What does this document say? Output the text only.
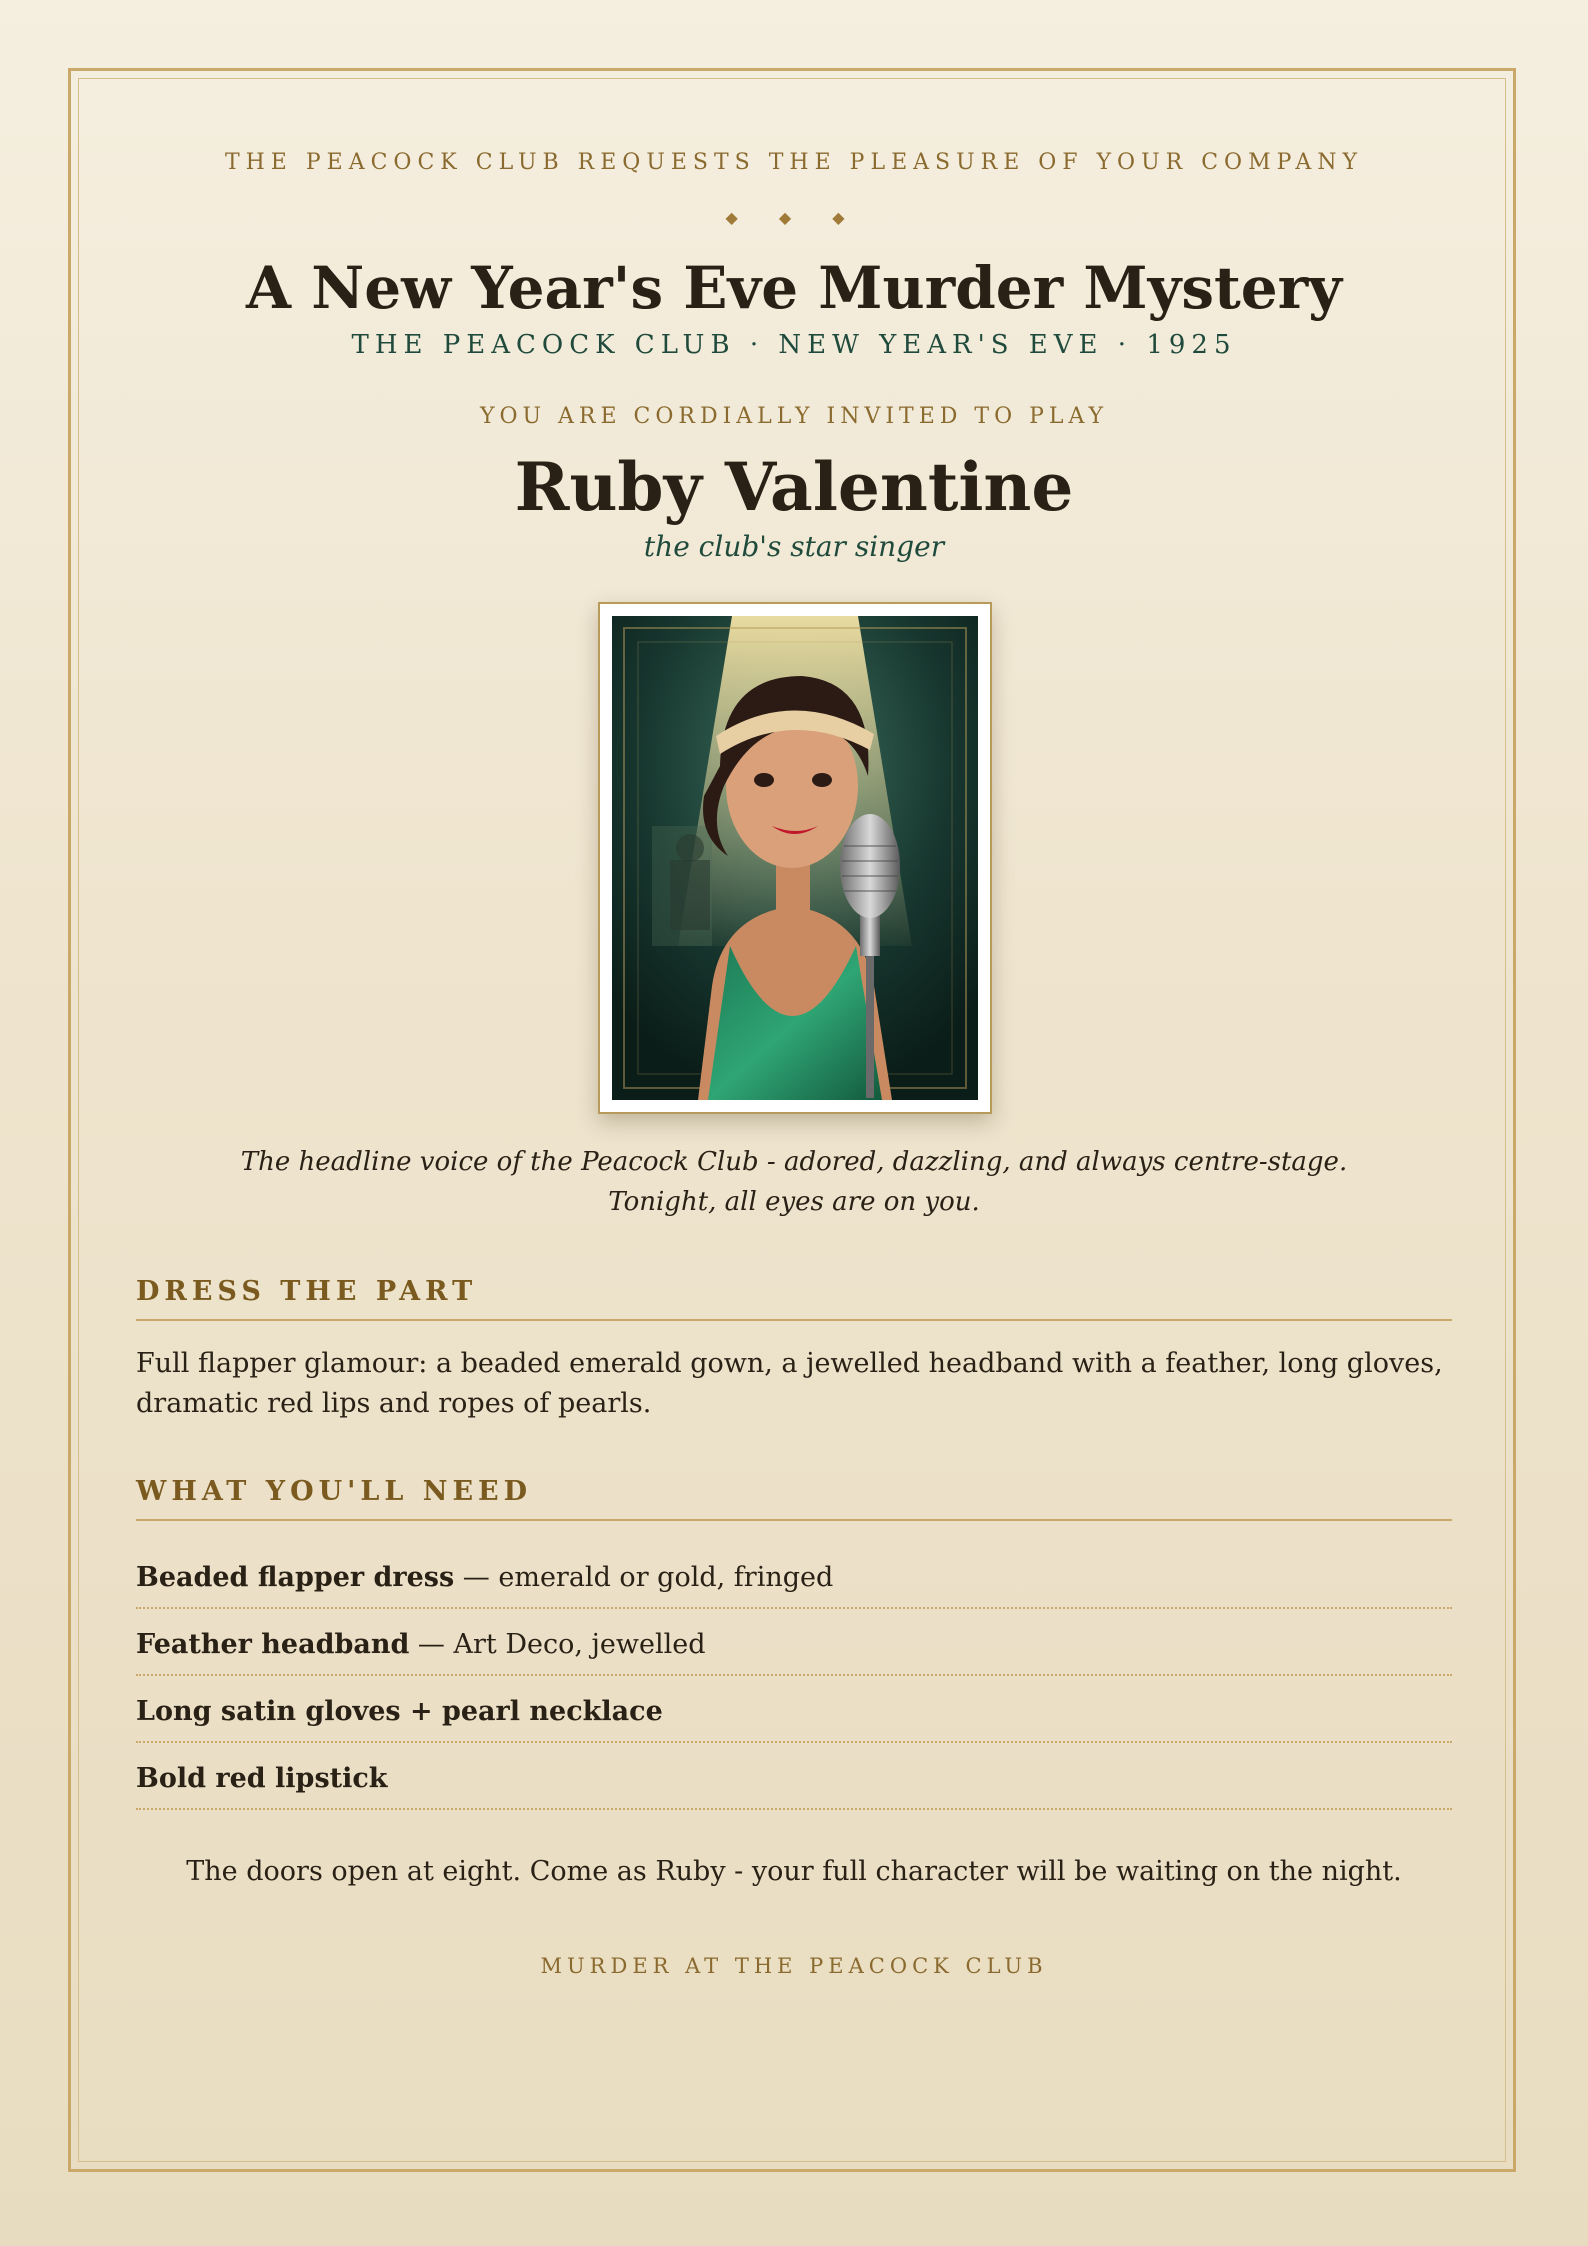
THE PEACOCK CLUB REQUESTS THE PLEASURE OF YOUR COMPANY
◆ ◆ ◆
A New Year's Eve Murder Mystery
THE PEACOCK CLUB · NEW YEAR'S EVE · 1925
YOU ARE CORDIALLY INVITED TO PLAY
Ruby Valentine
the club's star singer
The headline voice of the Peacock Club - adored, dazzling, and always centre-stage. Tonight, all eyes are on you.
DRESS THE PART
Full flapper glamour: a beaded emerald gown, a jewelled headband with a feather, long gloves, dramatic red lips and ropes of pearls.
WHAT YOU'LL NEED
Beaded flapper dress — emerald or gold, fringed
Feather headband — Art Deco, jewelled
Long satin gloves + pearl necklace
Bold red lipstick
The doors open at eight. Come as Ruby - your full character will be waiting on the night.
MURDER AT THE PEACOCK CLUB
